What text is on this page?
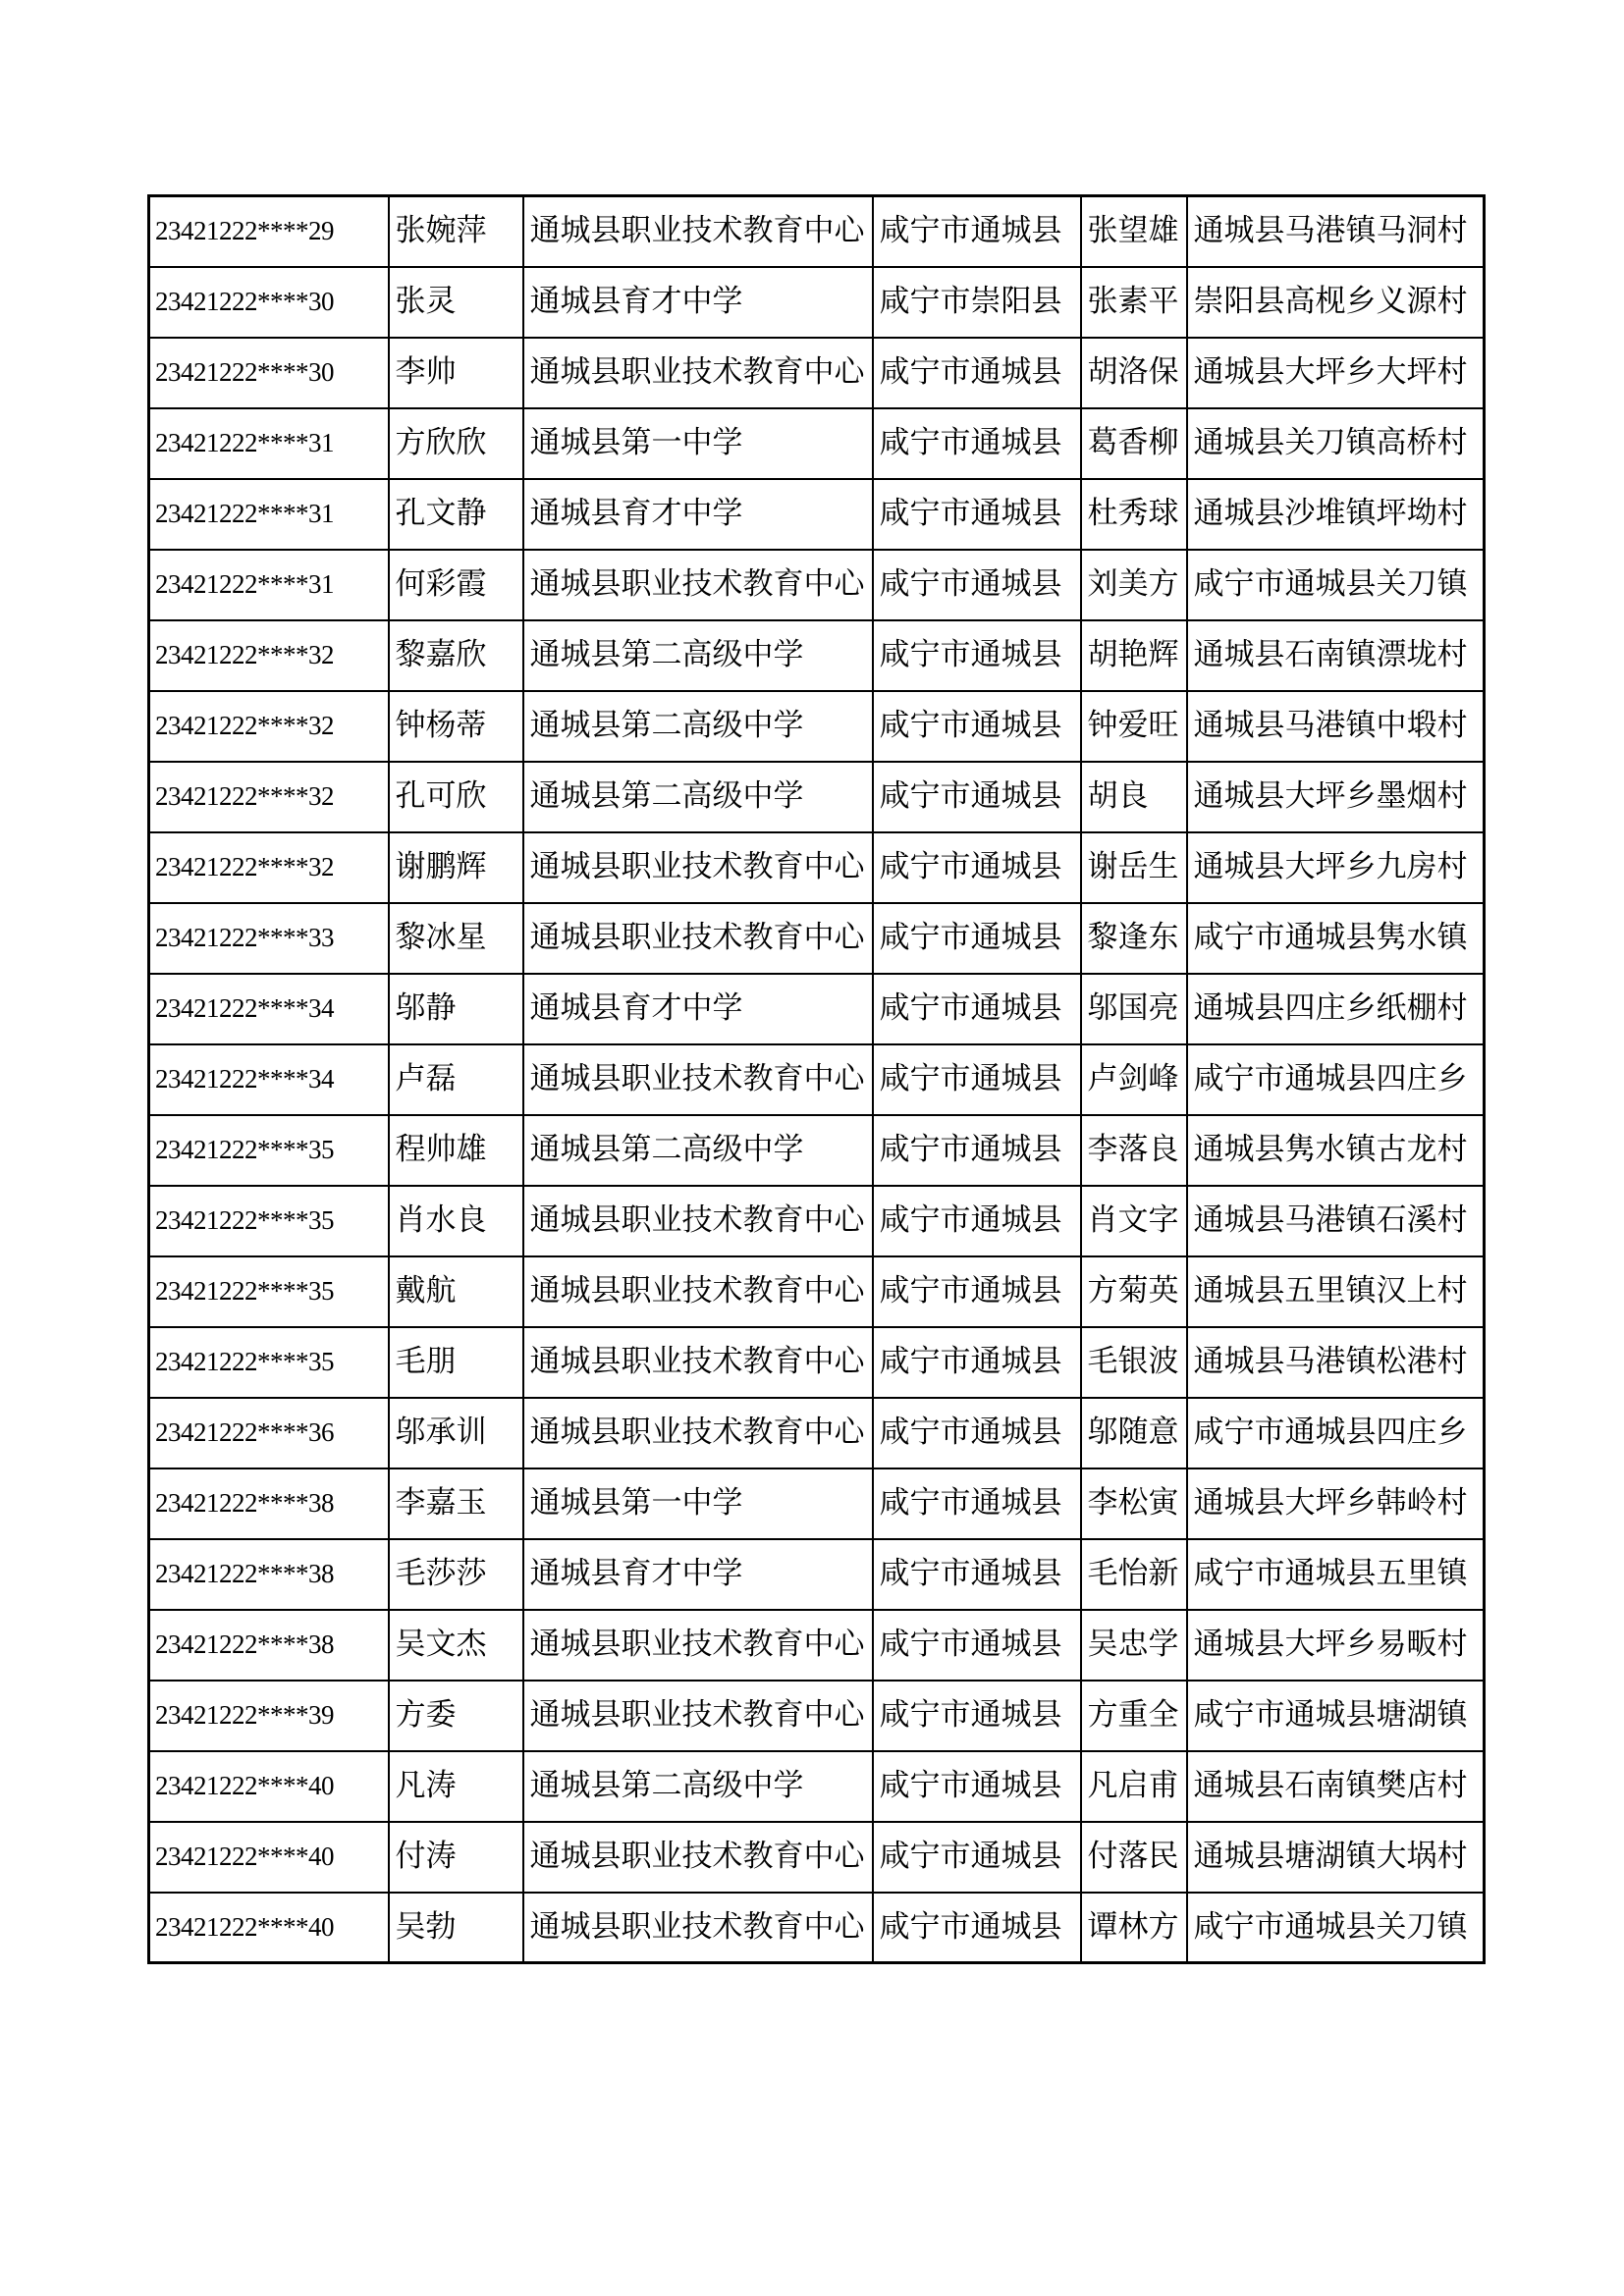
23421222****29	张婉萍	通城县职业技术教育中心	咸宁市通城县	张望雄	通城县马港镇马洞村
23421222****30	张灵	通城县育才中学	咸宁市崇阳县	张素平	崇阳县高枧乡义源村
23421222****30	李帅	通城县职业技术教育中心	咸宁市通城县	胡洛保	通城县大坪乡大坪村
23421222****31	方欣欣	通城县第一中学	咸宁市通城县	葛香柳	通城县关刀镇高桥村
23421222****31	孔文静	通城县育才中学	咸宁市通城县	杜秀球	通城县沙堆镇坪坳村
23421222****31	何彩霞	通城县职业技术教育中心	咸宁市通城县	刘美方	咸宁市通城县关刀镇
23421222****32	黎嘉欣	通城县第二高级中学	咸宁市通城县	胡艳辉	通城县石南镇漂垅村
23421222****32	钟杨蒂	通城县第二高级中学	咸宁市通城县	钟爱旺	通城县马港镇中塅村
23421222****32	孔可欣	通城县第二高级中学	咸宁市通城县	胡良	通城县大坪乡墨烟村
23421222****32	谢鹏辉	通城县职业技术教育中心	咸宁市通城县	谢岳生	通城县大坪乡九房村
23421222****33	黎冰星	通城县职业技术教育中心	咸宁市通城县	黎逢东	咸宁市通城县隽水镇
23421222****34	邬静	通城县育才中学	咸宁市通城县	邬国亮	通城县四庄乡纸棚村
23421222****34	卢磊	通城县职业技术教育中心	咸宁市通城县	卢剑峰	咸宁市通城县四庄乡
23421222****35	程帅雄	通城县第二高级中学	咸宁市通城县	李落良	通城县隽水镇古龙村
23421222****35	肖水良	通城县职业技术教育中心	咸宁市通城县	肖文字	通城县马港镇石溪村
23421222****35	戴航	通城县职业技术教育中心	咸宁市通城县	方菊英	通城县五里镇汉上村
23421222****35	毛朋	通城县职业技术教育中心	咸宁市通城县	毛银波	通城县马港镇松港村
23421222****36	邬承训	通城县职业技术教育中心	咸宁市通城县	邬随意	咸宁市通城县四庄乡
23421222****38	李嘉玉	通城县第一中学	咸宁市通城县	李松寅	通城县大坪乡韩岭村
23421222****38	毛莎莎	通城县育才中学	咸宁市通城县	毛怡新	咸宁市通城县五里镇
23421222****38	吴文杰	通城县职业技术教育中心	咸宁市通城县	吴忠学	通城县大坪乡易畈村
23421222****39	方委	通城县职业技术教育中心	咸宁市通城县	方重全	咸宁市通城县塘湖镇
23421222****40	凡涛	通城县第二高级中学	咸宁市通城县	凡启甫	通城县石南镇樊店村
23421222****40	付涛	通城县职业技术教育中心	咸宁市通城县	付落民	通城县塘湖镇大埚村
23421222****40	吴勃	通城县职业技术教育中心	咸宁市通城县	谭林方	咸宁市通城县关刀镇
